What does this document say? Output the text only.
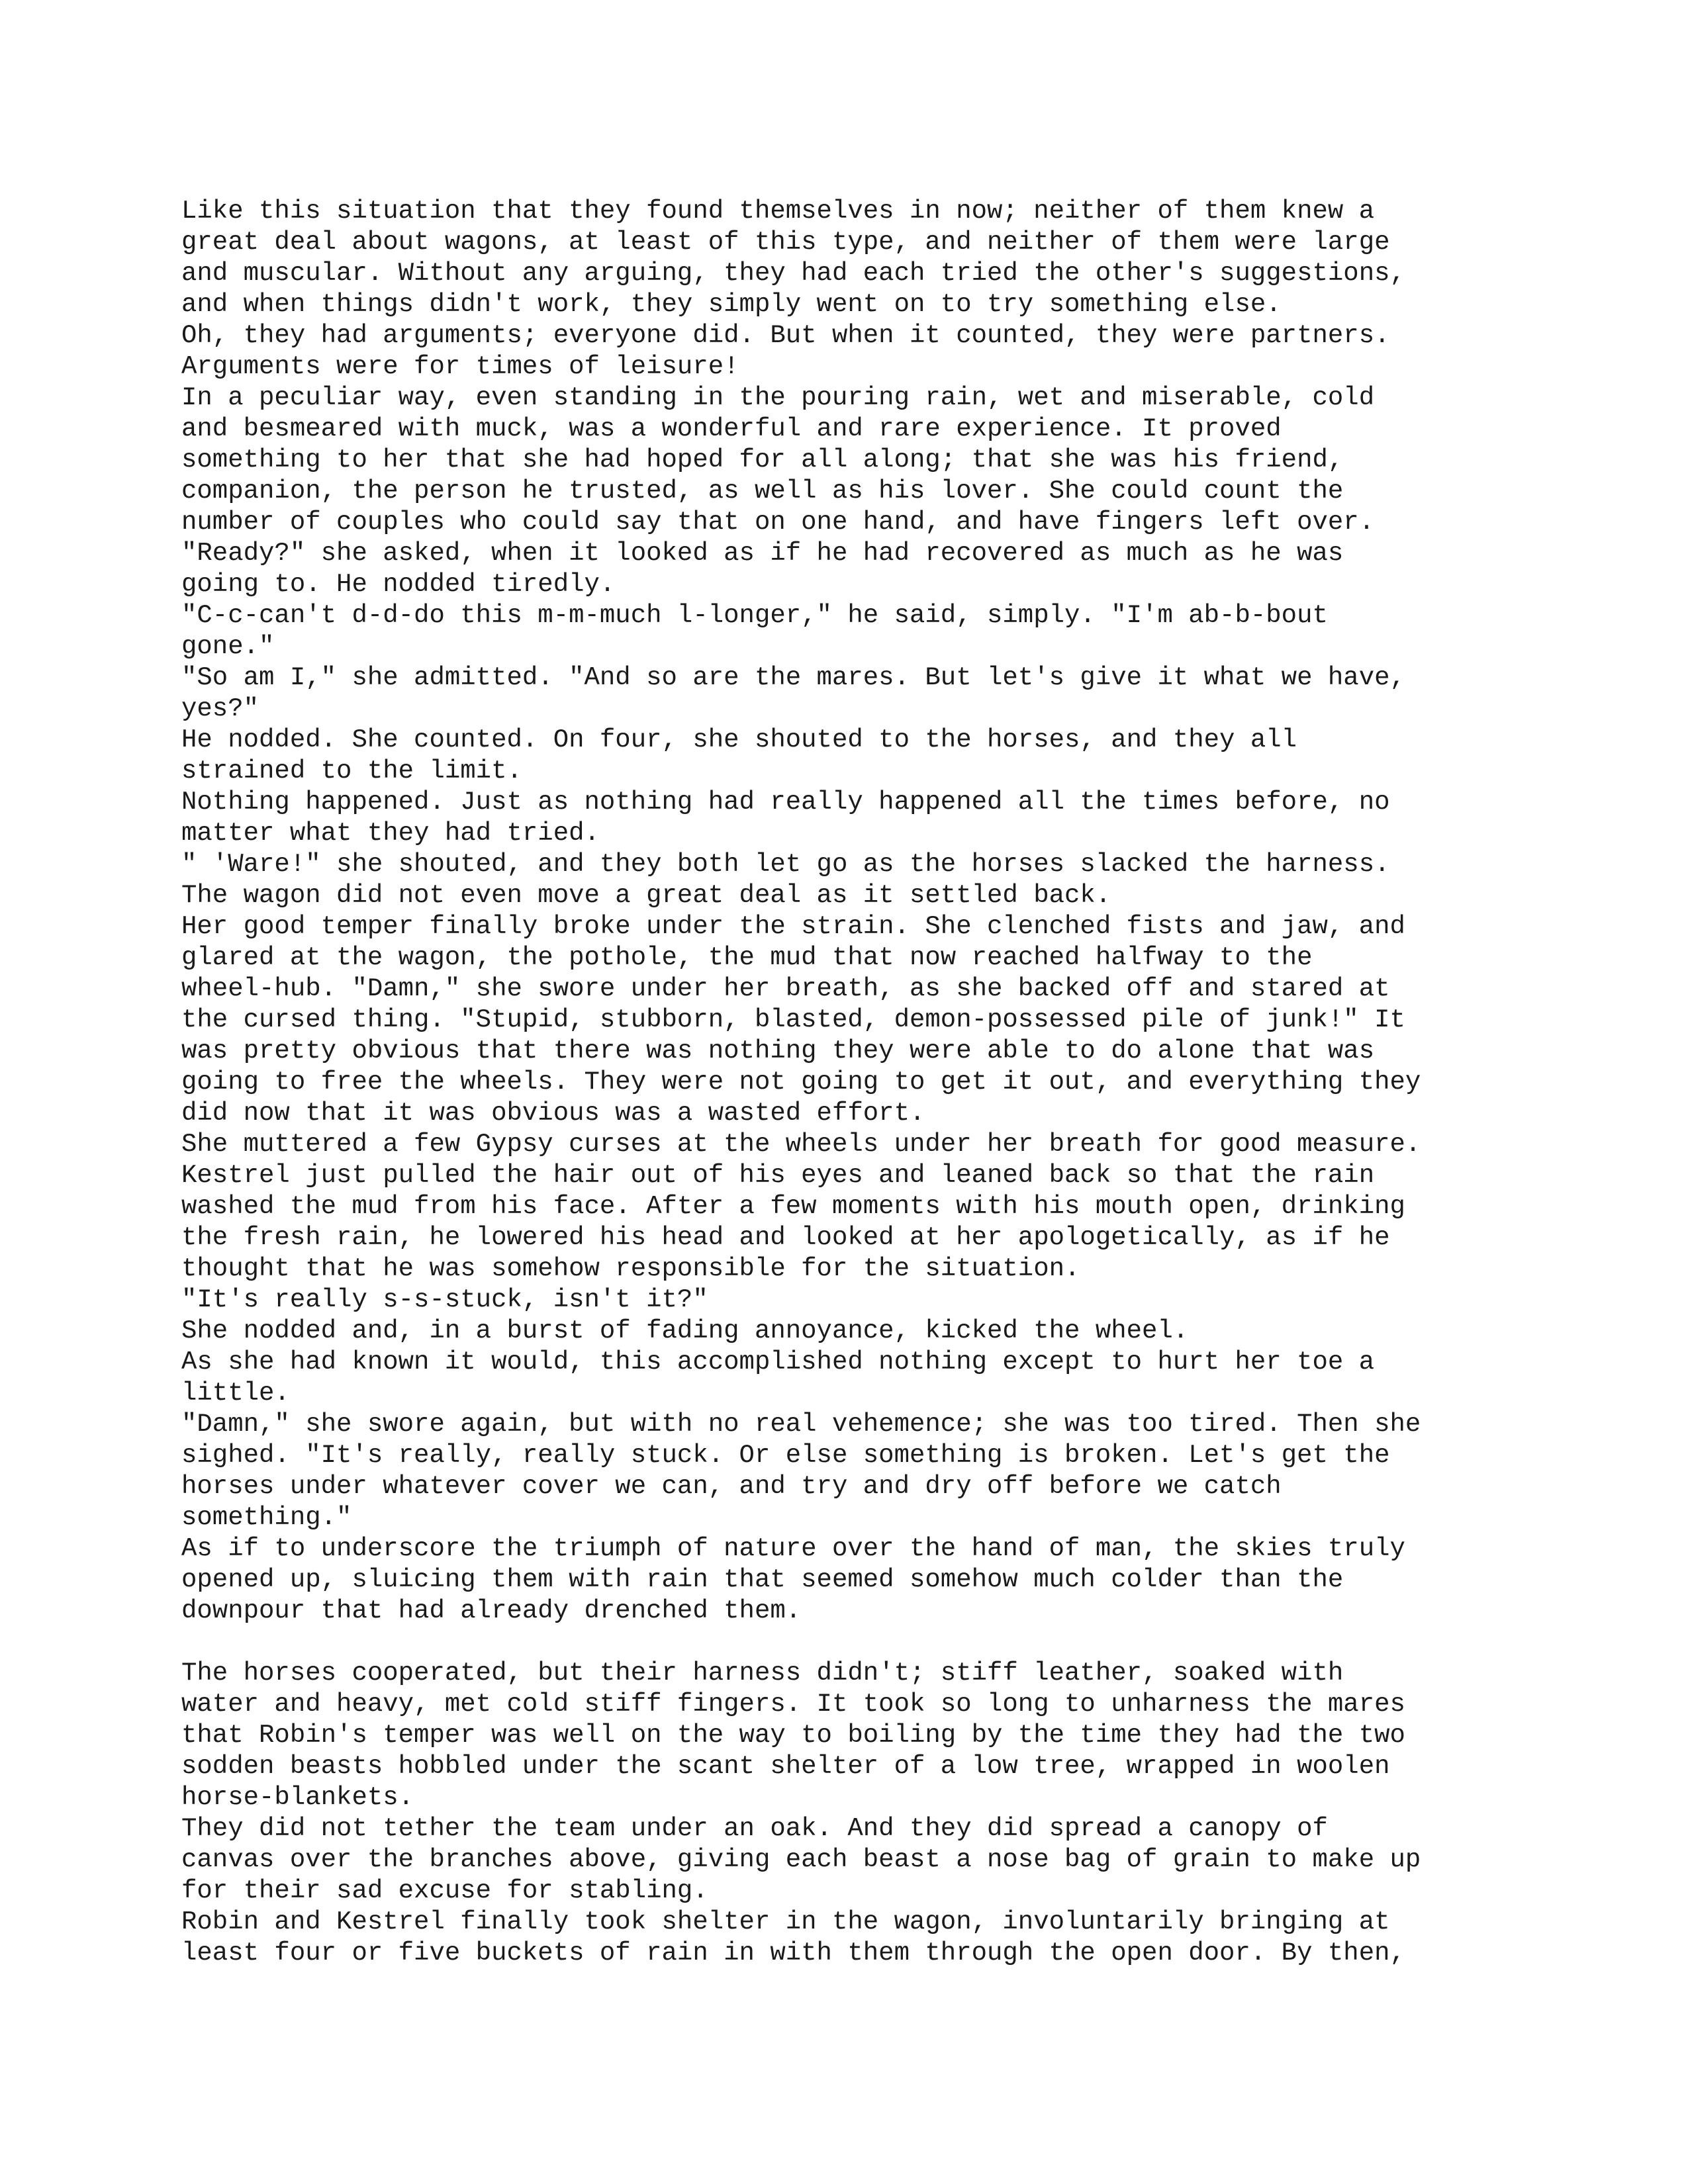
Like this situation that they found themselves in now; neither of them knew a
great deal about wagons, at least of this type, and neither of them were large
and muscular. Without any arguing, they had each tried the other's suggestions,
and when things didn't work, they simply went on to try something else.
Oh, they had arguments; everyone did. But when it counted, they were partners.
Arguments were for times of leisure!
In a peculiar way, even standing in the pouring rain, wet and miserable, cold
and besmeared with muck, was a wonderful and rare experience. It proved
something to her that she had hoped for all along; that she was his friend,
companion, the person he trusted, as well as his lover. She could count the
number of couples who could say that on one hand, and have fingers left over.
"Ready?" she asked, when it looked as if he had recovered as much as he was
going to. He nodded tiredly.
"C-c-can't d-d-do this m-m-much l-longer," he said, simply. "I'm ab-b-bout
gone."
"So am I," she admitted. "And so are the mares. But let's give it what we have,
yes?"
He nodded. She counted. On four, she shouted to the horses, and they all
strained to the limit.
Nothing happened. Just as nothing had really happened all the times before, no
matter what they had tried.
" 'Ware!" she shouted, and they both let go as the horses slacked the harness.
The wagon did not even move a great deal as it settled back.
Her good temper finally broke under the strain. She clenched fists and jaw, and
glared at the wagon, the pothole, the mud that now reached halfway to the
wheel-hub. "Damn," she swore under her breath, as she backed off and stared at
the cursed thing. "Stupid, stubborn, blasted, demon-possessed pile of junk!" It
was pretty obvious that there was nothing they were able to do alone that was
going to free the wheels. They were not going to get it out, and everything they
did now that it was obvious was a wasted effort.
She muttered a few Gypsy curses at the wheels under her breath for good measure.
Kestrel just pulled the hair out of his eyes and leaned back so that the rain
washed the mud from his face. After a few moments with his mouth open, drinking
the fresh rain, he lowered his head and looked at her apologetically, as if he
thought that he was somehow responsible for the situation.
"It's really s-s-stuck, isn't it?"
She nodded and, in a burst of fading annoyance, kicked the wheel.
As she had known it would, this accomplished nothing except to hurt her toe a
little.
"Damn," she swore again, but with no real vehemence; she was too tired. Then she
sighed. "It's really, really stuck. Or else something is broken. Let's get the
horses under whatever cover we can, and try and dry off before we catch
something."
As if to underscore the triumph of nature over the hand of man, the skies truly
opened up, sluicing them with rain that seemed somehow much colder than the
downpour that had already drenched them.
The horses cooperated, but their harness didn't; stiff leather, soaked with
water and heavy, met cold stiff fingers. It took so long to unharness the mares
that Robin's temper was well on the way to boiling by the time they had the two
sodden beasts hobbled under the scant shelter of a low tree, wrapped in woolen
horse-blankets.
They did not tether the team under an oak. And they did spread a canopy of
canvas over the branches above, giving each beast a nose bag of grain to make up
for their sad excuse for stabling.
Robin and Kestrel finally took shelter in the wagon, involuntarily bringing at
least four or five buckets of rain in with them through the open door. By then,
